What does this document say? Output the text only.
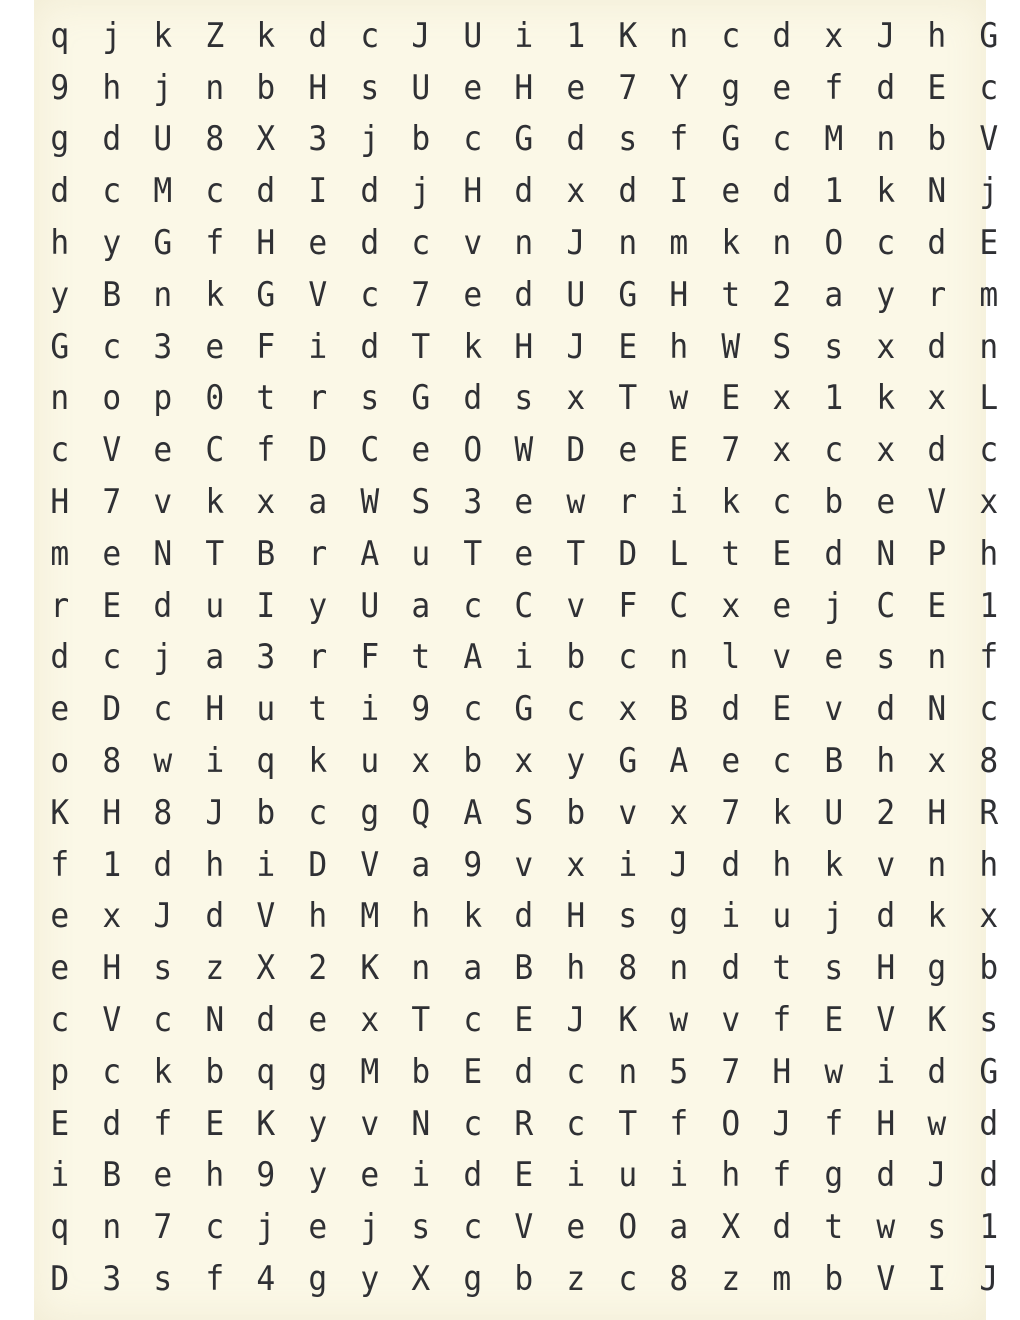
q j k Z k d c J U i 1 K n c d x J h G
9 h j n b H s U e H e 7 Y g e f d E c
g d U 8 X 3 j b c G d s f G c M n b V
d c M c d I d j H d x d I e d 1 k N j
h y G f H e d c v n J n m k n O c d E
y B n k G V c 7 e d U G H t 2 a y r m
G c 3 e F i d T k H J E h W S s x d n
n o p 0 t r s G d s x T w E x 1 k x L
c V e C f D C e O W D e E 7 x c x d c
H 7 v k x a W S 3 e w r i k c b e V x
m e N T B r A u T e T D L t E d N P h
r E d u I y U a c C v F C x e j C E 1
d c j a 3 r F t A i b c n l v e s n f
e D c H u t i 9 c G c x B d E v d N c
o 8 w i q k u x b x y G A e c B h x 8
K H 8 J b c g Q A S b v x 7 k U 2 H R
f 1 d h i D V a 9 v x i J d h k v n h
e x J d V h M h k d H s g i u j d k x
e H s z X 2 K n a B h 8 n d t s H g b
c V c N d e x T c E J K w v f E V K s
p c k b q g M b E d c n 5 7 H w i d G
E d f E K y v N c R c T f O J f H w d
i B e h 9 y e i d E i u i h f g d J d
q n 7 c j e j s c V e O a X d t w s 1
D 3 s f 4 g y X g b z c 8 z m b V I J
